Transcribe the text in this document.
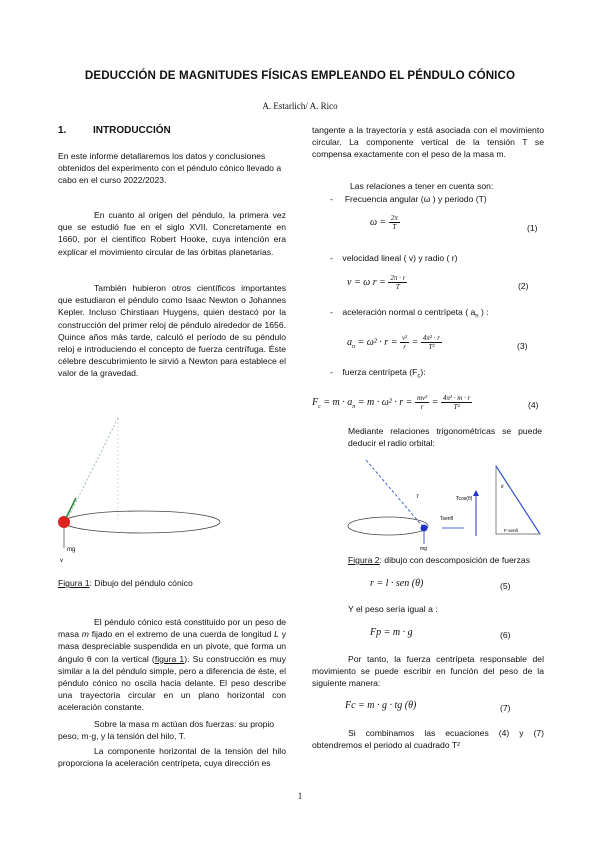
DEDUCCIÓN DE MAGNITUDES FÍSICAS EMPLEANDO EL PÉNDULO CÓNICO
A. Estarlich/ A. Rico
1.	INTRODUCCIÓN

En este informe detallaremos los datos y conclusiones obtenidos del experimento con el péndulo cónico llevado a cabo en el curso 2022/2023.

En cuanto al origen del péndulo, la primera vez que se estudió fue en el siglo XVII. Concretamente en 1660, por el científico Robert Hooke, cuya intención era explicar el movimiento circular de las órbitas planetarias.

También hubieron otros científicos importantes que estudiaron el péndulo como Isaac Newton o Johannes Kepler. Incluso Chirstiaan Huygens, quien destacó por la construcción del primer reloj de péndulo alrededor de 1656. Quince años más tarde, calculó el período de su péndulo reloj e introduciendo el concepto de fuerza centrífuga. Éste célebre descubrimiento le sirvió a Newton para establece el valor de la gravedad.

mg
v
Figura 1: Dibujo del péndulo cónico

El péndulo cónico está constituido por un peso de masa m fijado en el extremo de una cuerda de longitud L y masa despreciable suspendida en un pivote, que forma un ángulo θ con la vertical (figura 1). Su construcción es muy similar a la del péndulo simple, pero a diferencia de éste, el péndulo cónico no oscila hacia delante. El peso describe una trayectoria circular en un plano horizontal con aceleración constante.

Sobre la masa m actúan dos fuerzas: su propio peso, m·g, y la tensión del hilo, T.

La componente horizontal de la tensión del hilo proporciona la aceleración centrípeta, cuya dirección es

tangente a la trayectoria y está asociada con el movimiento circular. La componente vertical de la tensión T se compensa exactamente con el peso de la masa m.

Las relaciones a tener en cuenta son:

-     Frecuencia angular (ω ) y periodo (T)
$\omega = \frac{2\pi}{T}$	(1)
-    velocidad lineal ( v) y radio ( r)
v = ω $r = \frac{2\pi \cdot r}{T}$	(2)
-    aceleración normal o centrípeta ( $a_n$ ) :
$a_n = \omega^2 \cdot r = \frac{\text{v²}}{r} = \frac{\text{4π² · r}}{\text{T²}}$	(3)
-    fuerza centrípeta $(F_c)$:
$F_c = m \cdot a_n = m \cdot \omega^2 \cdot r = \frac{\text{mv²}}{r} = \frac{\text{4π² · m · r}}{\text{T²}}$	(4)

Mediante relaciones trigonométricas se puede deducir el radio orbital:

T
mg
Tcos(θ)
Tsenθ
θ
F·senθ
Figura 2: dibujo con descomposición de fuerzas
r = l · sen (θ)	(5)

Y el peso sería igual a :

Fp = m · g	(6)

Por tanto, la fuerza centrípeta responsable del movimiento se puede escribir en función del peso de la siguiente manera:

Fc = m · g · tg (θ)	(7)

Si combinamos las ecuaciones (4) y (7) obtendremos el periodo al cuadrado T²

1
